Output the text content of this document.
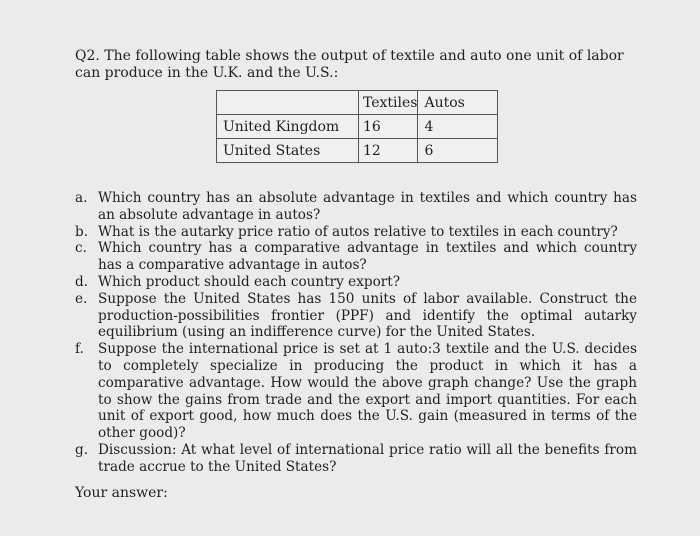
Q2. The following table shows the output of textile and auto one unit of labor can produce in the U.K. and the U.S.:

	Textiles	Autos
United Kingdom	16	4
United States	12	6
a. Which country has an absolute advantage in textiles and which country has an absolute advantage in autos?
b. What is the autarky price ratio of autos relative to textiles in each country?
c. Which country has a comparative advantage in textiles and which country has a comparative advantage in autos?
d. Which product should each country export?
e. Suppose the United States has 150 units of labor available. Construct the production-possibilities frontier (PPF) and identify the optimal autarky equilibrium (using an indifference curve) for the United States.
f.	Suppose the international price is set at 1 auto:3 textile and the U.S. decides to completely specialize in producing the product in which it has a comparative advantage. How would the above graph change? Use the graph to show the gains from trade and the export and import quantities. For each unit of export good, how much does the U.S. gain (measured in terms of the other good)?
g. Discussion: At what level of international price ratio will all the benefits from trade accrue to the United States?
Your answer:
